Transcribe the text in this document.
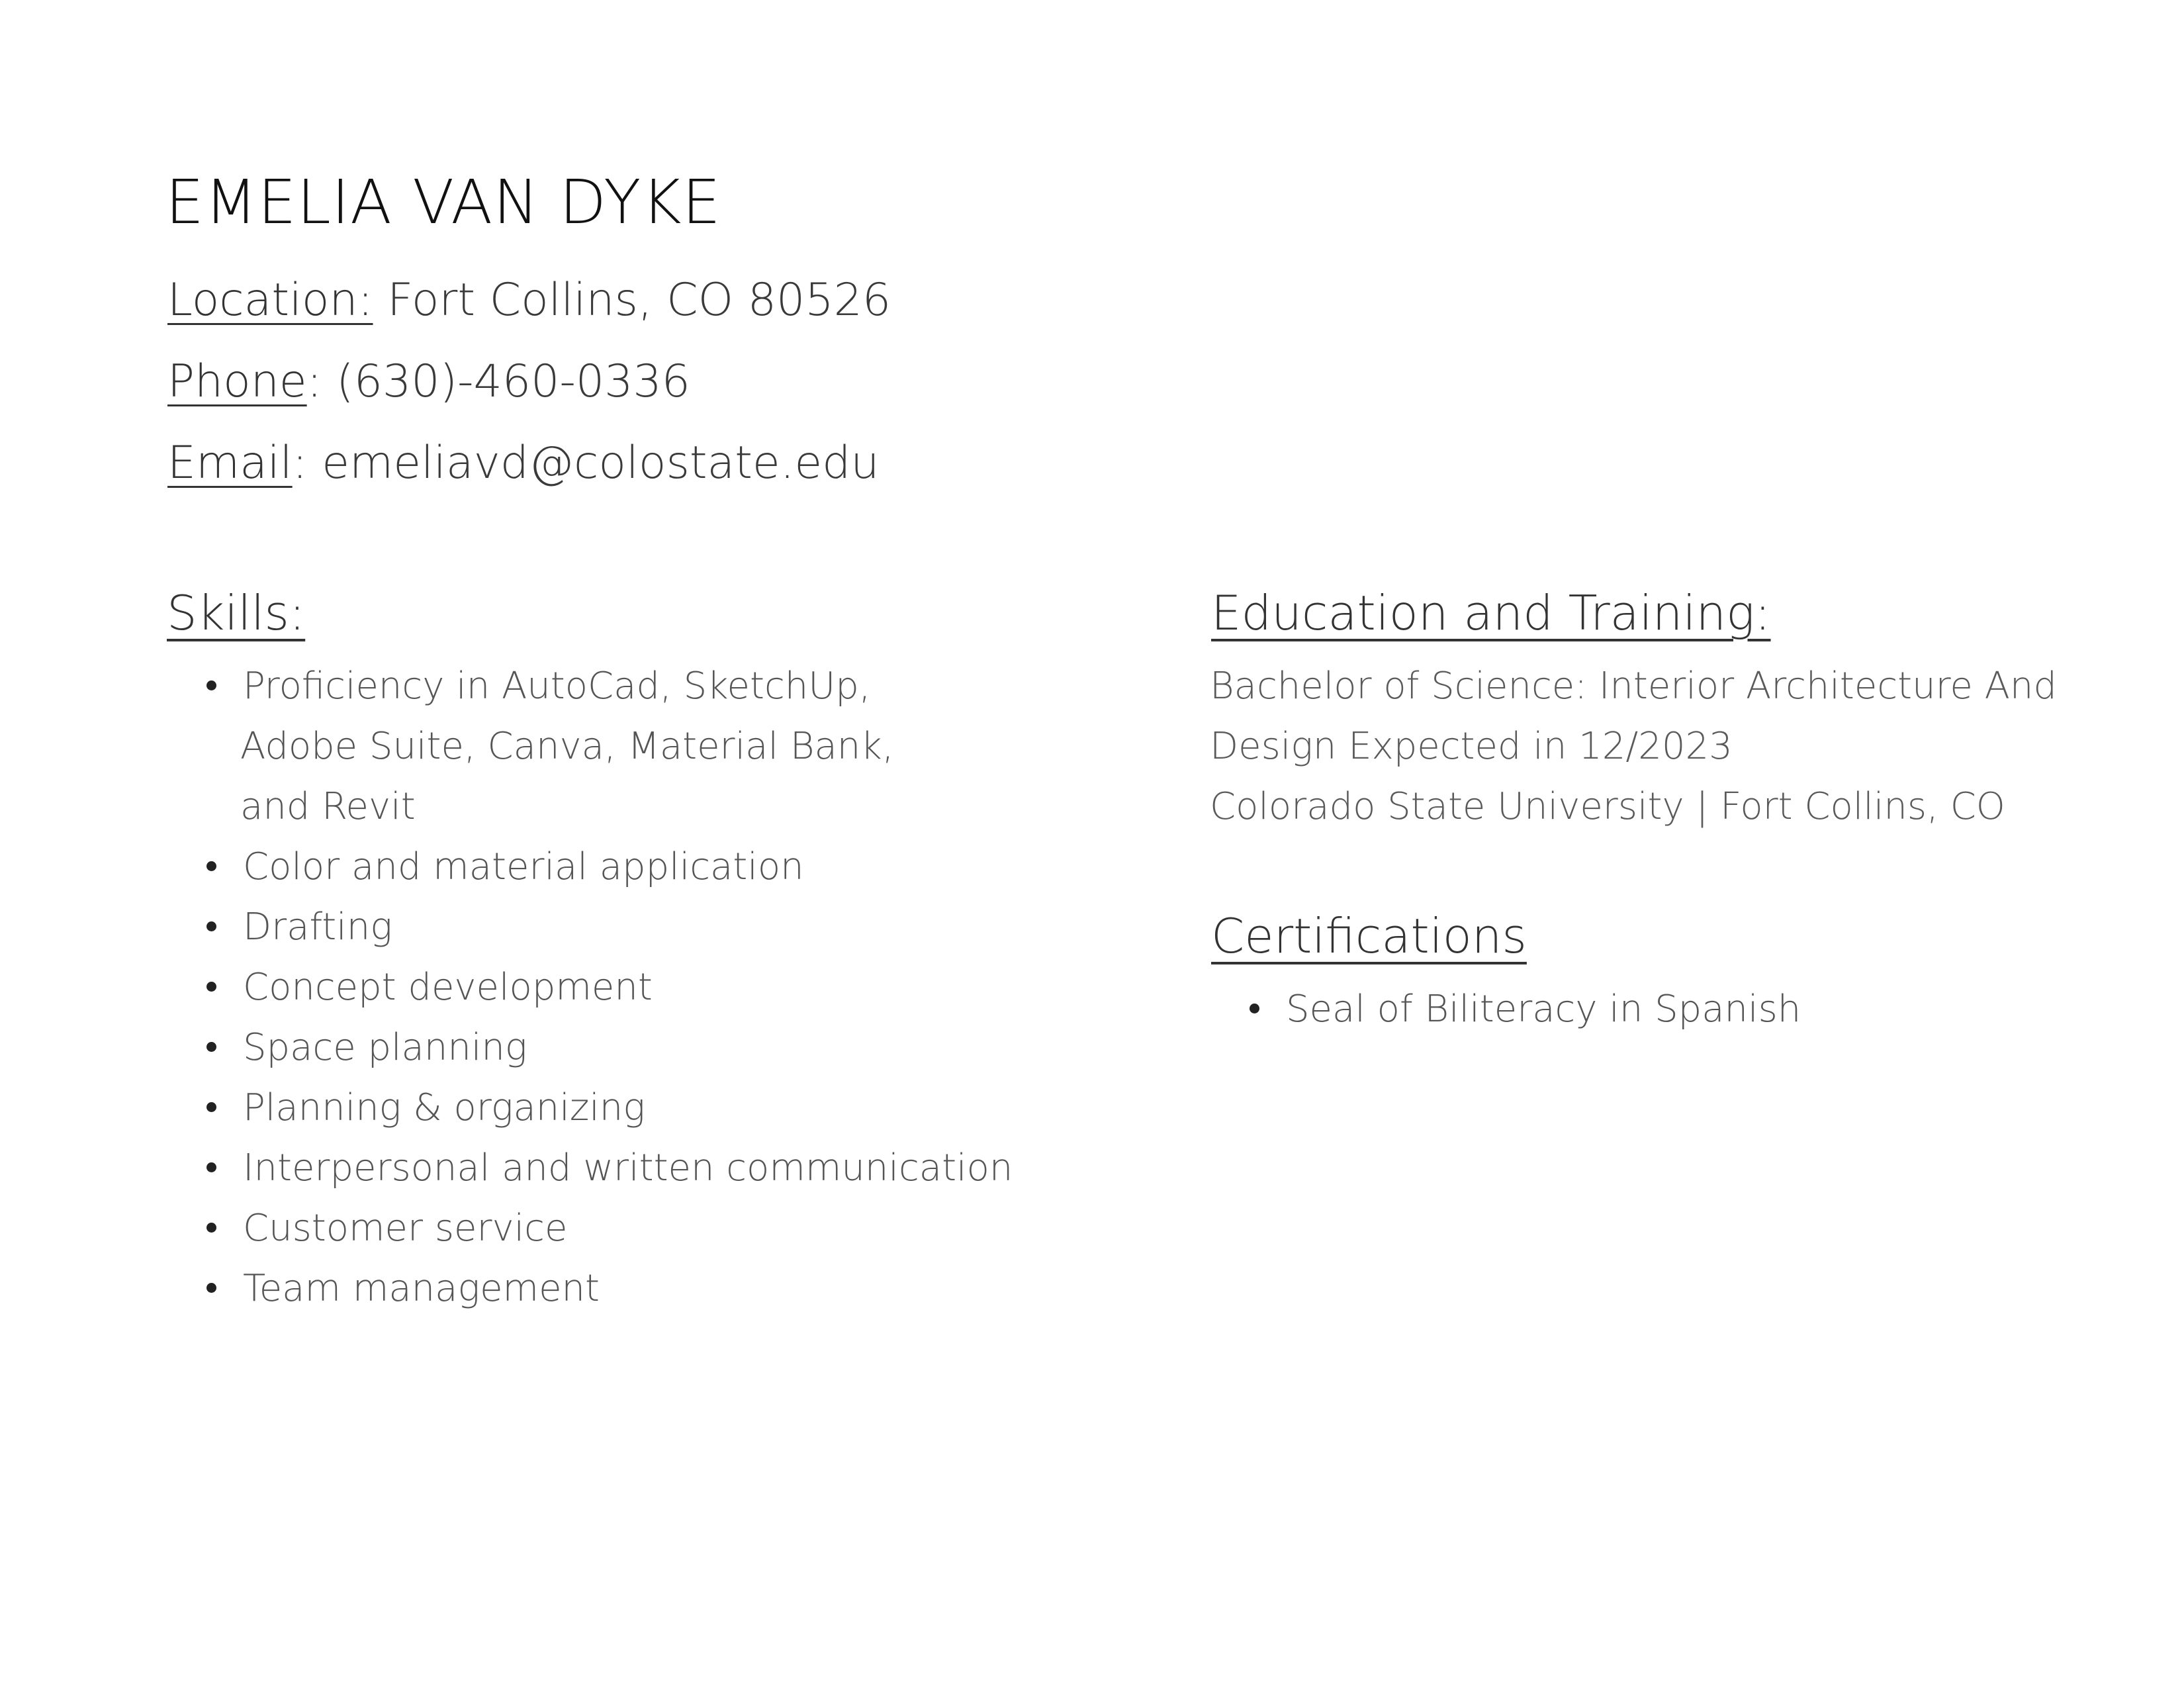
EMELIA VAN DYKE
Location: Fort Collins, CO 80526
Phone: (630)-460-0336
Email: emeliavd@colostate.edu
Skills:
Proficiency in AutoCad, SketchUp,
Adobe Suite, Canva, Material Bank,
and Revit
Color and material application
Drafting
Concept development
Space planning
Planning & organizing
Interpersonal and written communication
Customer service
Team management
Education and Training:
Bachelor of Science: Interior Architecture And
Design Expected in 12/2023
Colorado State University | Fort Collins, CO
Certifications
Seal of Biliteracy in Spanish
